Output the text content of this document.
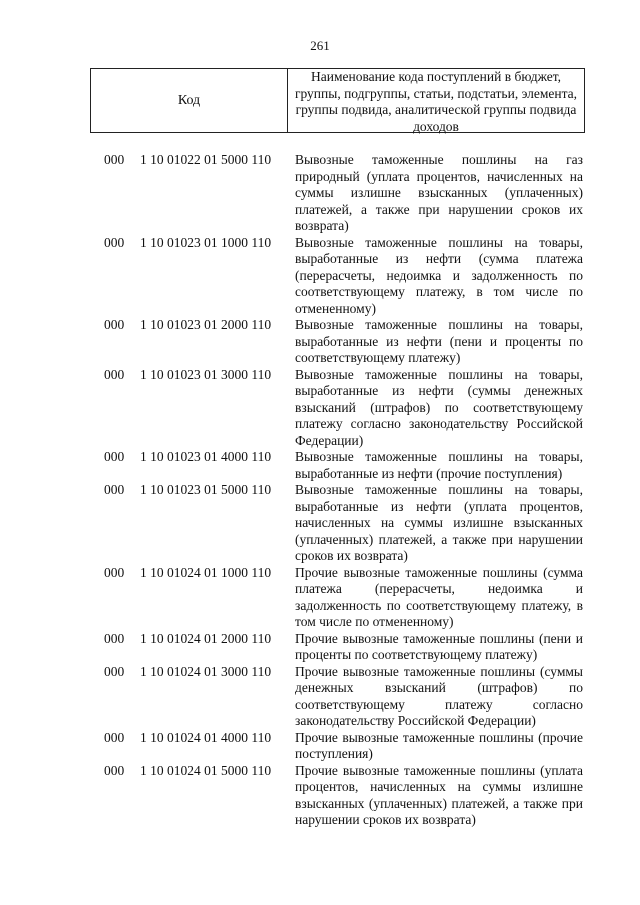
261
Код
Наименование кода поступлений в бюджет, группы, подгруппы, статьи, подстатьи, элемента, группы подвида, аналитической группы подвида доходов
000 1 10 01022 01 5000 110 Вывозные таможенные пошлины на газ природный (уплата процентов, начисленных на суммы излишне взысканных (уплаченных) платежей, а также при нарушении сроков их возврата)
000 1 10 01023 01 1000 110 Вывозные таможенные пошлины на товары, выработанные из нефти (сумма платежа (перерасчеты, недоимка и задолженность по соответствующему платежу, в том числе по отмененному)
000 1 10 01023 01 2000 110 Вывозные таможенные пошлины на товары, выработанные из нефти (пени и проценты по соответствующему платежу)
000 1 10 01023 01 3000 110 Вывозные таможенные пошлины на товары, выработанные из нефти (суммы денежных взысканий (штрафов) по соответствующему платежу согласно законодательству Российской Федерации)
000 1 10 01023 01 4000 110 Вывозные таможенные пошлины на товары, выработанные из нефти (прочие поступления)
000 1 10 01023 01 5000 110 Вывозные таможенные пошлины на товары, выработанные из нефти (уплата процентов, начисленных на суммы излишне взысканных (уплаченных) платежей, а также при нарушении сроков их возврата)
000 1 10 01024 01 1000 110 Прочие вывозные таможенные пошлины (сумма платежа (перерасчеты, недоимка и задолженность по соответствующему платежу, в том числе по отмененному)
000 1 10 01024 01 2000 110 Прочие вывозные таможенные пошлины (пени и проценты по соответствующему платежу)
000 1 10 01024 01 3000 110 Прочие вывозные таможенные пошлины (суммы денежных взысканий (штрафов) по соответствующему платежу согласно законодательству Российской Федерации)
000 1 10 01024 01 4000 110 Прочие вывозные таможенные пошлины (прочие поступления)
000 1 10 01024 01 5000 110 Прочие вывозные таможенные пошлины (уплата процентов, начисленных на суммы излишне взысканных (уплаченных) платежей, а также при нарушении сроков их возврата)
